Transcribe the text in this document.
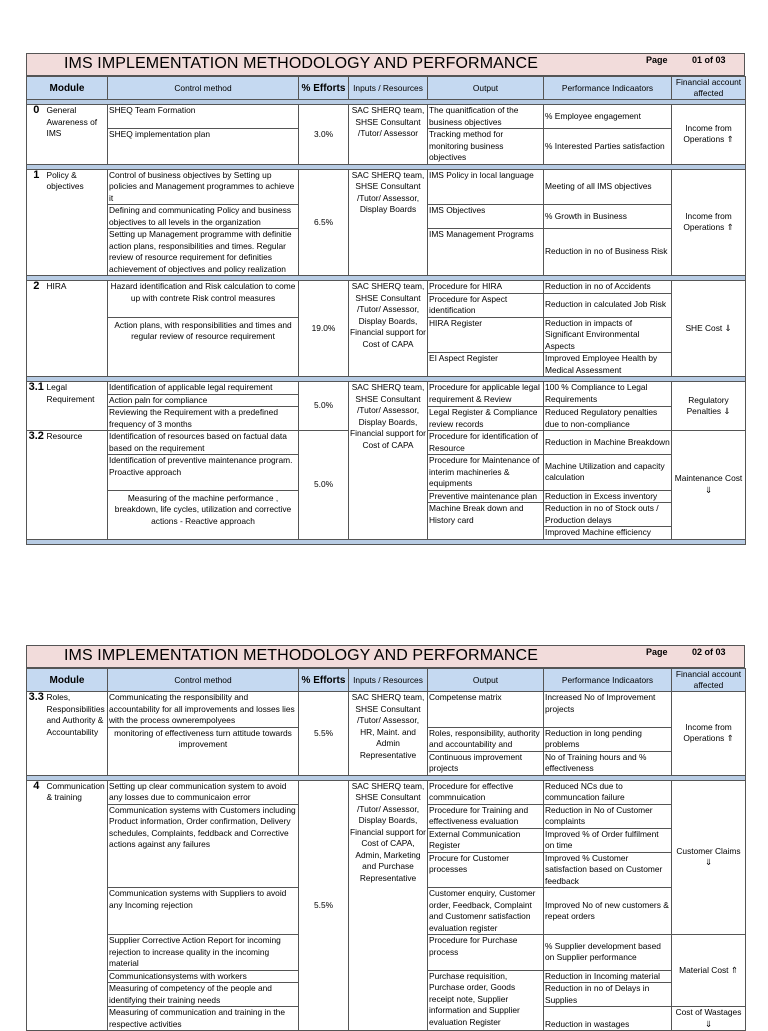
IMS IMPLEMENTATION METHODOLOGY AND PERFORMANCE	Page	01 of 03
Module		Control method	% Efforts	Inputs / Resources	Output	Performance Indicaators	Financial account affected

0	General Awareness of IMS	SHEQ Team Formation	3.0%	SAC SHERQ team, SHSE Consultant /Tutor/ Assessor	The quanitfication of the business objectives	% Employee engagement	Income from Operations ⇑
		SHEQ implementation plan			Tracking method for monitoring business objectives	% Interested Parties satisfaction	

1	Policy & objectives	Control of business objectives by Setting up policies and Management programmes to achieve it	6.5%	SAC SHERQ team, SHSE Consultant /Tutor/ Assessor, Display Boards	IMS Policy in local language	Meeting of all IMS objectives	Income from Operations ⇑
		Defining and communicating Policy and business objectives to all levels in the organization			IMS Objectives	% Growth in Business	
		Setting up Management programme with definitie action plans, responsibilities and times. Regular review of resource requirement for definities achievement of objectives and policy realization			IMS Management Programs	Reduction in no of Business Risk	

2	HIRA	Hazard identification and Risk calculation to come up with contrete Risk control measures	19.0%	SAC SHERQ team, SHSE Consultant /Tutor/ Assessor, Display Boards, Financial support for Cost of CAPA	Procedure for HIRA	Reduction in no of Accidents	SHE Cost ⇓
					Procedure for Aspect identification	Reduction in calculated Job Risk	
		Action plans, with responsibilities and times and regular review of resource requirement			HIRA Register	Reduction in impacts of Significant Environmental Aspects	
					EI Aspect Register	Improved Employee Health by Medical Assessment	

3.1	Legal Requirement	Identification of applicable legal requirement	5.0%	SAC SHERQ team, SHSE Consultant /Tutor/ Assessor, Display Boards, Financial support for Cost of CAPA	Procedure for applicable legal requirement & Review	100 % Compliance to Legal Requirements	Regulatory Penalties ⇓
		Action paln for compliance					
		Reviewing the Requirement with a predefined frequency of 3 months			Legal Register & Compliance review records	Reduced Regulatory penalties due to non-compliance	
3.2	Resource	Identification of resources based on factual data based on the requirement	5.0%		Procedure for identification of Resource	Reduction in Machine Breakdown	Maintenance Cost ⇓
		Identification of preventive maintenance program. Proactive approach			Procedure for Maintenance of interim machineries & equipments	Machine Utilization and capacity calculation	
		Measuring of the machine performance , breakdown, life cycles, utilization and corrective actions - Reactive approach			Preventive maintenance plan	Reduction in Excess inventory	
					Machine Break down and History card	Reduction in no of Stock outs / Production delays	
						Improved Machine efficiency	

IMS IMPLEMENTATION METHODOLOGY AND PERFORMANCE	Page	02 of 03
Module		Control method	% Efforts	Inputs / Resources	Output	Performance Indicaators	Financial account affected
3.3	Roles, Responsibilities and Authority & Accountability	Communicating the responsibility and accountability for all improvements and losses lies with the process ownerempolyees	5.5%	SAC SHERQ team, SHSE Consultant /Tutor/ Assessor, HR, Maint. and Admin Representative	Competense matrix	Increased No of Improvement projects	Income from Operations ⇑
		monitoring of effectiveness turn attitude towards improvement			Roles, responsibility, authority and accountability and	Reduction in long pending problems	
					Continuous improvement projects	No of Training hours and % effectiveness	

4	Communication & training	Setting up clear communication system to avoid any losses due to communicaion error	5.5%	SAC SHERQ team, SHSE Consultant /Tutor/ Assessor, Display Boards, Financial support for Cost of CAPA, Admin, Marketing and Purchase Representative	Procedure for effective commnuication	Reduced NCs due to communcation failure	Customer Claims ⇓
		Communication systems with Customers including Product information, Order confirmation, Delivery schedules, Complaints, feddback and Corrective actions against any failures			Procedure for Training and effectiveness evaluation	Reduction in No of Customer complaints	
					External Communication Register	Improved % of Order fulfilment on time	
					Procure for Customer processes	Improved % Customer satisfaction based on Customer feedback	
		Communication systems with Suppliers to avoid any Incoming rejection			Customer enquiry, Customer order, Feedback, Complaint and Customenr satisfaction evaluation register	Improved No of new customers & repeat orders	
		Supplier Corrective Action Report for incoming rejection to increase quality in the incoming material			Procedure for Purchase process	% Supplier development based on Supplier performance	Material Cost ⇑
		Communicationsystems with workers			Purchase requisition, Purchase order, Goods receipt note, Supplier information and Supplier evaluation Register	Reduction in Incoming material	
		Measuring of competency of the people and identifying their training needs				Reduction in no of Delays in Supplies	
		Measuring of communication and training in the respective activities				Reduction in wastages	Cost of Wastages ⇓
